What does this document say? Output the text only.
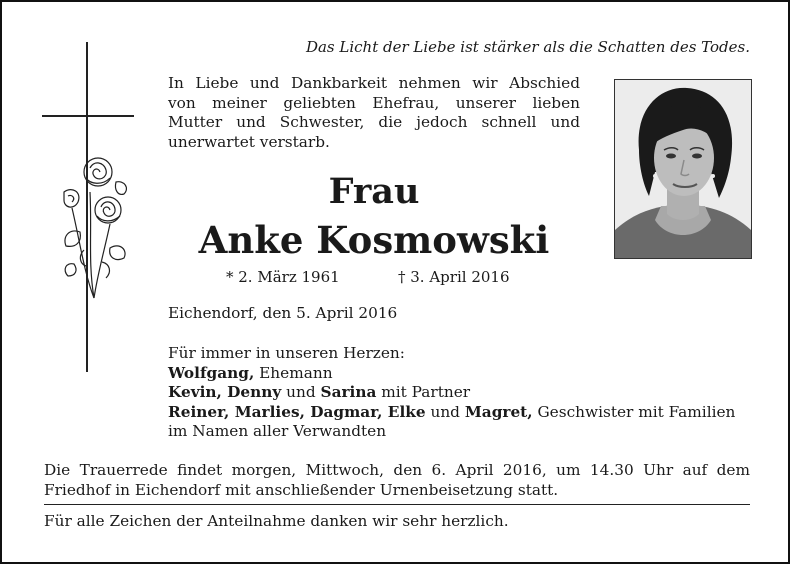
Das Licht der Liebe ist stärker als die Schatten des Todes.
In Liebe und Dankbarkeit nehmen wir Abschied
von meiner geliebten Ehefrau, unserer lieben
Mutter und Schwester, die jedoch schnell und
unerwartet verstarb.
Frau
Anke Kosmowski
* 2. März 1961	† 3. April 2016
Eichendorf, den 5. April 2016
Für immer in unseren Herzen:
Wolfgang, Ehemann
Kevin, Denny und Sarina mit Partner
Reiner, Marlies, Dagmar, Elke und Magret, Geschwister mit Familien
im Namen aller Verwandten
Die Trauerrede findet morgen, Mittwoch, den 6. April 2016, um 14.30 Uhr auf dem
Friedhof in Eichendorf mit anschließender Urnenbeisetzung statt.
Für alle Zeichen der Anteilnahme danken wir sehr herzlich.
